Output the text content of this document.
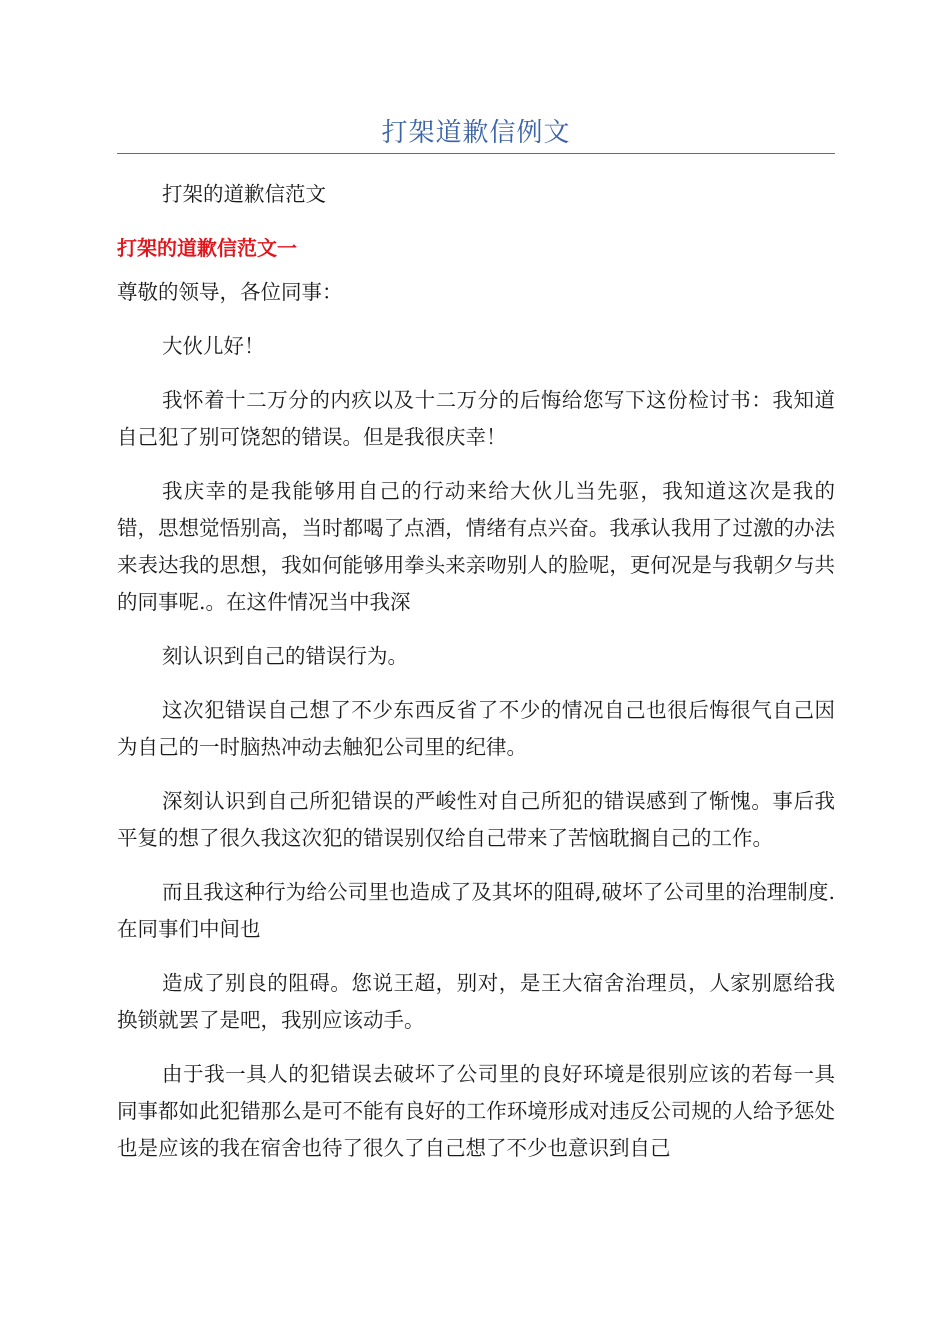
打架道歉信例文

打架的道歉信范文

打架的道歉信范文一

尊敬的领导，各位同事：

大伙儿好！

我怀着十二万分的内疚以及十二万分的后悔给您写下这份检讨书：我知道自己犯了别可饶恕的错误。但是我很庆幸！

我庆幸的是我能够用自己的行动来给大伙儿当先驱，我知道这次是我的错，思想觉悟别高，当时都喝了点酒，情绪有点兴奋。我承认我用了过激的办法来表达我的思想，我如何能够用拳头来亲吻别人的脸呢，更何况是与我朝夕与共的同事呢.。在这件情况当中我深

刻认识到自己的错误行为。

这次犯错误自己想了不少东西反省了不少的情况自己也很后悔很气自己因为自己的一时脑热冲动去触犯公司里的纪律。

深刻认识到自己所犯错误的严峻性对自己所犯的错误感到了惭愧。事后我平复的想了很久我这次犯的错误别仅给自己带来了苦恼耽搁自己的工作。

而且我这种行为给公司里也造成了及其坏的阻碍,破坏了公司里的治理制度.在同事们中间也

造成了别良的阻碍。您说王超，别对，是王大宿舍治理员，人家别愿给我换锁就罢了是吧，我别应该动手。

由于我一具人的犯错误去破坏了公司里的良好环境是很别应该的若每一具同事都如此犯错那么是可不能有良好的工作环境形成对违反公司规的人给予惩处也是应该的我在宿舍也待了很久了自己想了不少也意识到自己
